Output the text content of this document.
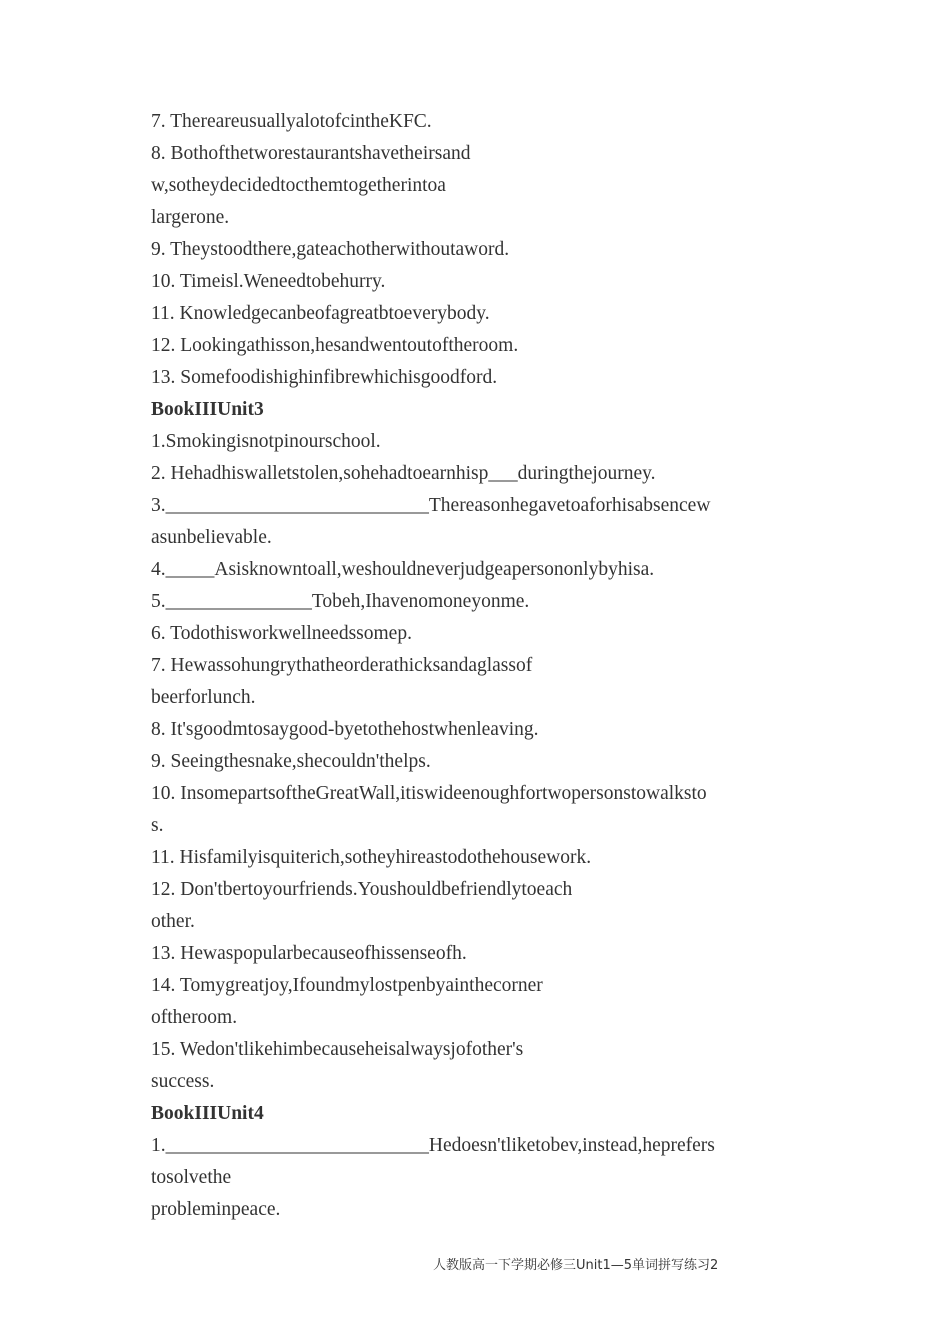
7. ThereareusuallyalotofcintheKFC.
8. Bothofthetworestaurantshavetheirsand
w,sotheydecidedtocthemtogetherintoa
largerone.
9. Theystoodthere,gateachotherwithoutaword.
10. Timeisl.Weneedtobehurry.
11. Knowledgecanbeofagreatbtoeverybody.
12. Lookingathisson,hesandwentoutoftheroom.
13. Somefoodishighinfibrewhichisgoodford.
BookIIIUnit3
1.Smokingisnotpinourschool.
2. Hehadhiswalletstolen,sohehadtoearnhisp___duringthejourney.
3.___________________________Thereasonhegavetoaforhisabsencew
asunbelievable.
4._____Asisknowntoall,weshouldneverjudgeapersononlybyhisa.
5._______________Tobeh,Ihavenomoneyonme.
6. Todothisworkwellneedssomep.
7. Hewassohungrythatheorderathicksandaglassof
beerforlunch.
8. It'sgoodmtosaygood-byetothehostwhenleaving.
9. Seeingthesnake,shecouldn'thelps.
10. InsomepartsoftheGreatWall,itiswideenoughfortwopersonstowalksto
s.
11. Hisfamilyisquiterich,sotheyhireastodothehousework.
12. Don'tbertoyourfriends.Youshouldbefriendlytoeach
other.
13. Hewaspopularbecauseofhissenseofh.
14. Tomygreatjoy,Ifoundmylostpenbyainthecorner
oftheroom.
15. Wedon'tlikehimbecauseheisalwaysjofother's
success.
BookIIIUnit4
1.___________________________Hedoesn'tliketobev,instead,heprefers
tosolvethe
probleminpeace.
人教版高一下学期必修三Unit1—5单词拼写练习2
